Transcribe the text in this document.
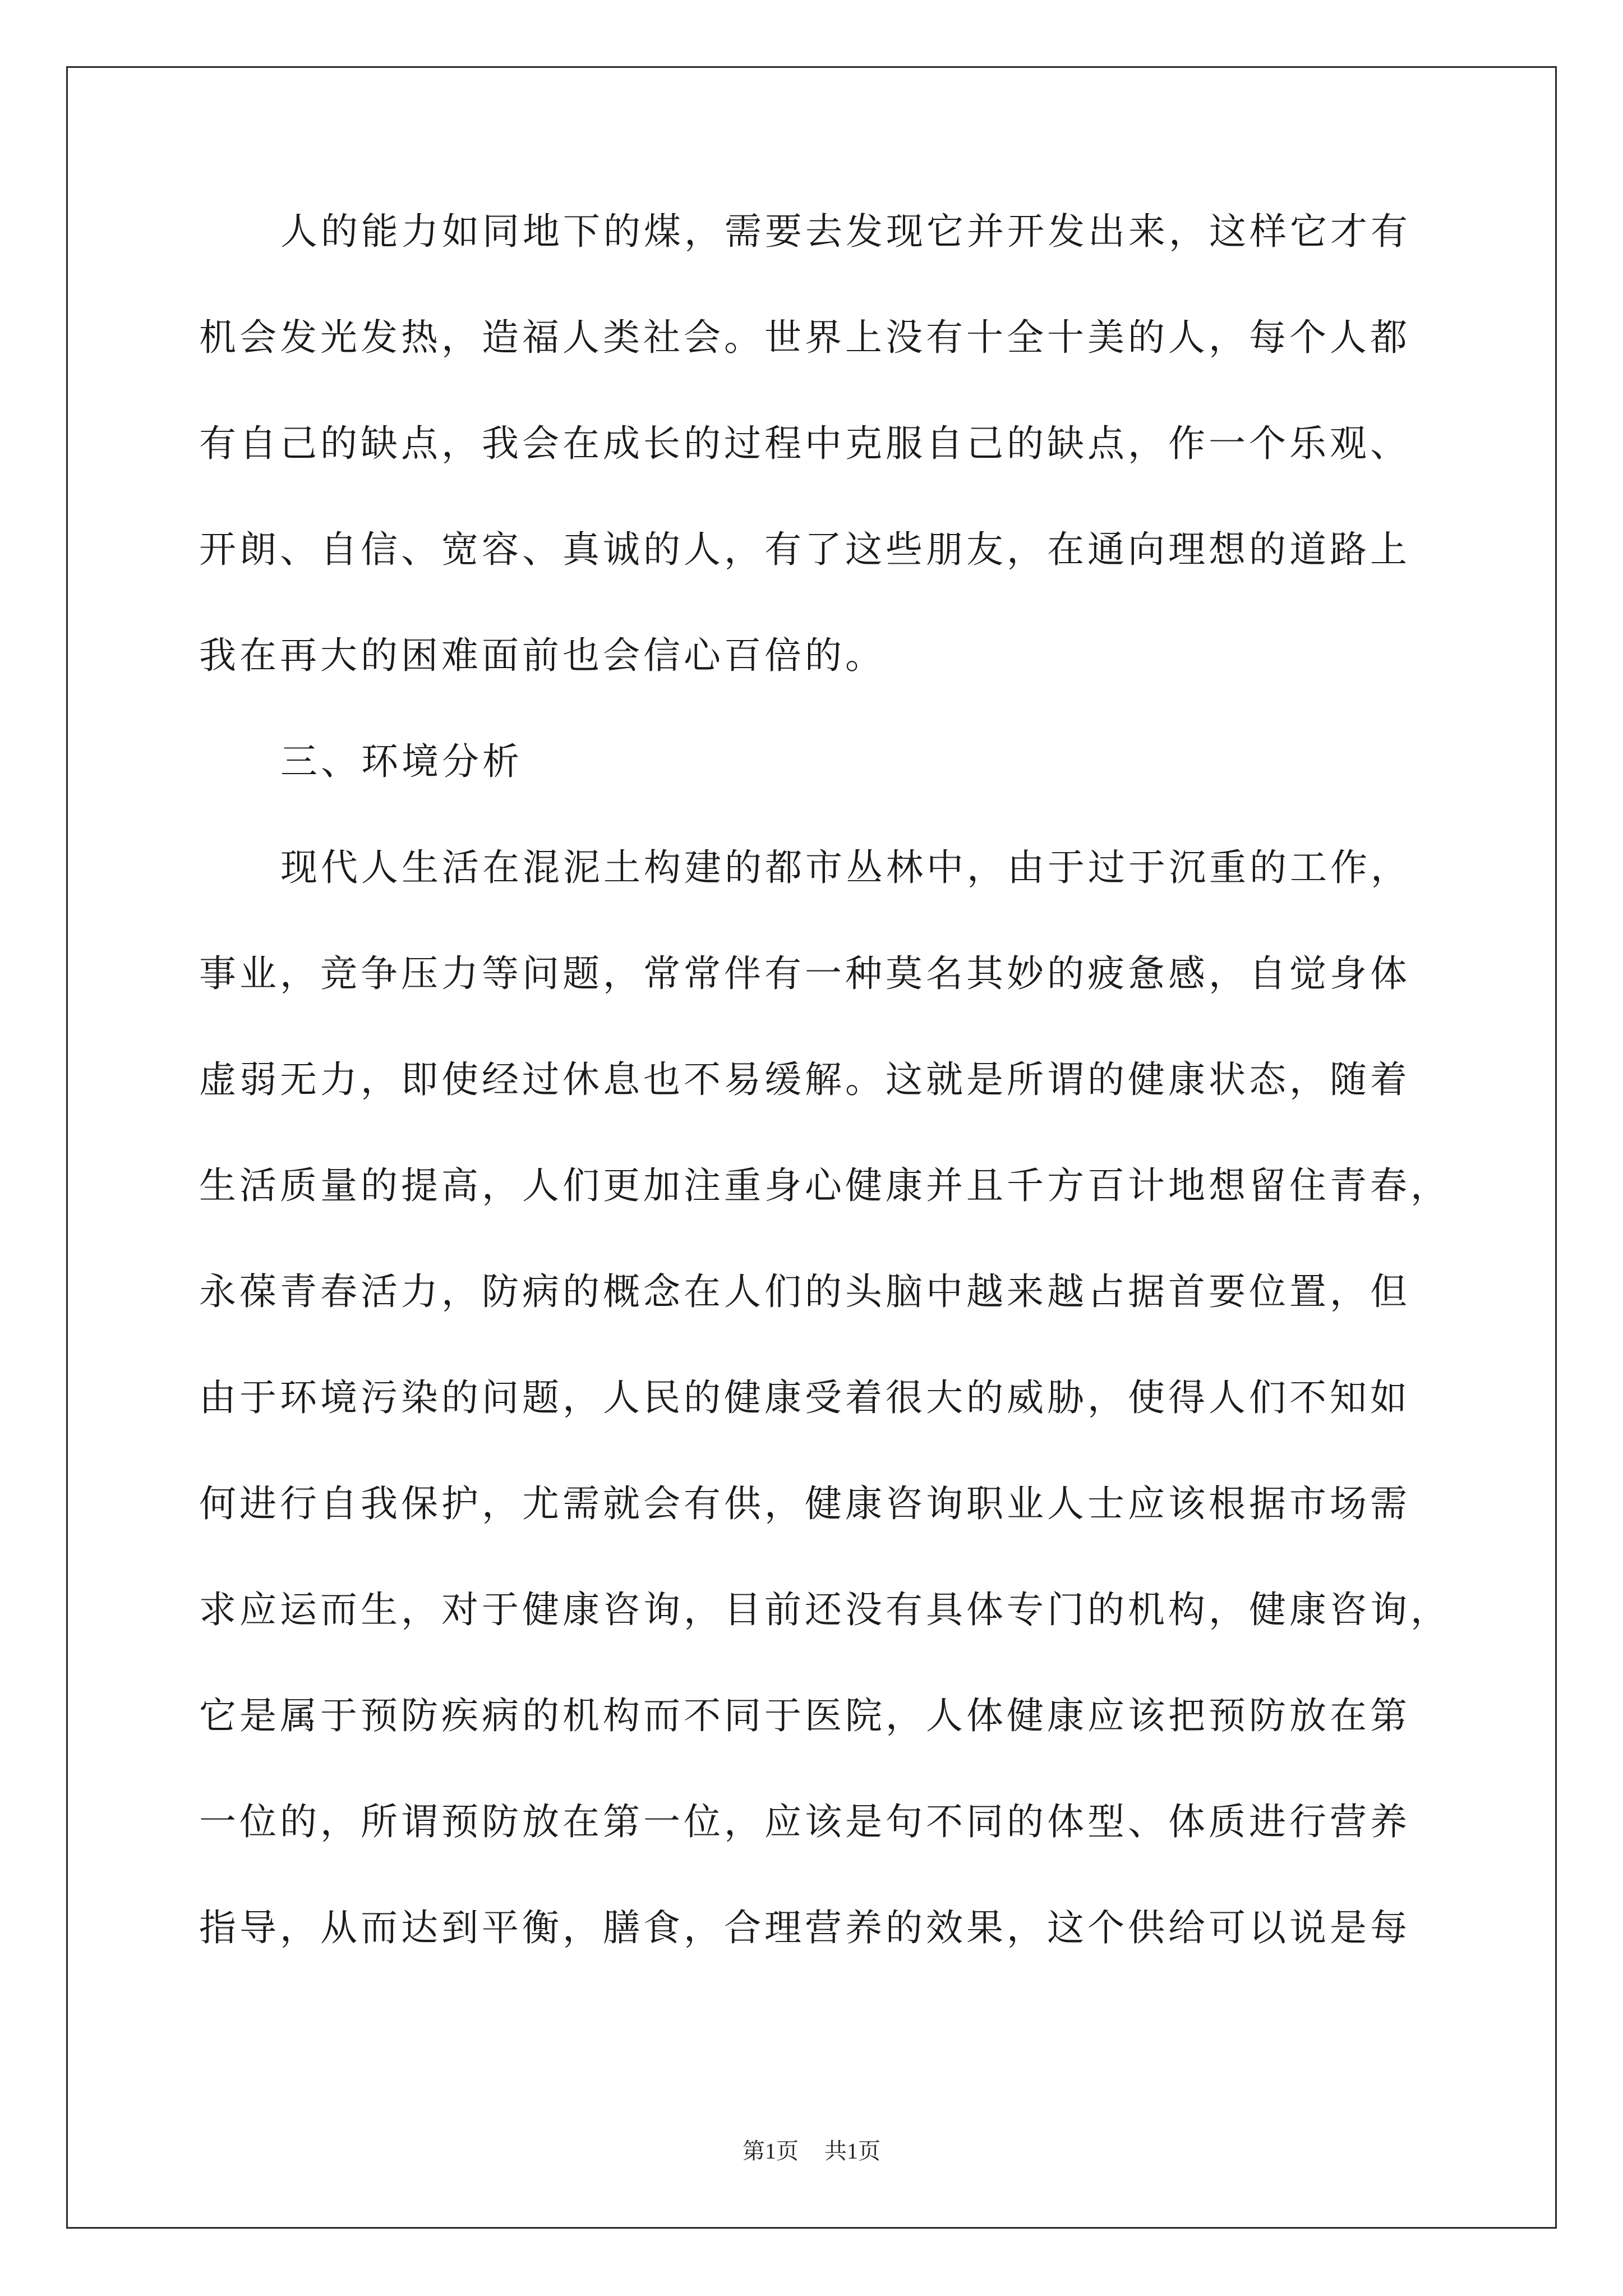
人的能力如同地下的煤，需要去发现它并开发出来，这样它才有
机会发光发热，造福人类社会。世界上没有十全十美的人，每个人都
有自己的缺点，我会在成长的过程中克服自己的缺点，作一个乐观、
开朗、自信、宽容、真诚的人，有了这些朋友，在通向理想的道路上
我在再大的困难面前也会信心百倍的。
三、环境分析
现代人生活在混泥土构建的都市丛林中，由于过于沉重的工作，
事业，竞争压力等问题，常常伴有一种莫名其妙的疲惫感，自觉身体
虚弱无力，即使经过休息也不易缓解。这就是所谓的健康状态，随着
生活质量的提高，人们更加注重身心健康并且千方百计地想留住青春，
永葆青春活力，防病的概念在人们的头脑中越来越占据首要位置，但
由于环境污染的问题，人民的健康受着很大的威胁，使得人们不知如
何进行自我保护，尤需就会有供，健康咨询职业人士应该根据市场需
求应运而生，对于健康咨询，目前还没有具体专门的机构，健康咨询，
它是属于预防疾病的机构而不同于医院，人体健康应该把预防放在第
一位的，所谓预防放在第一位，应该是句不同的体型、体质进行营养
指导，从而达到平衡，膳食，合理营养的效果，这个供给可以说是每
第1页 共1页
